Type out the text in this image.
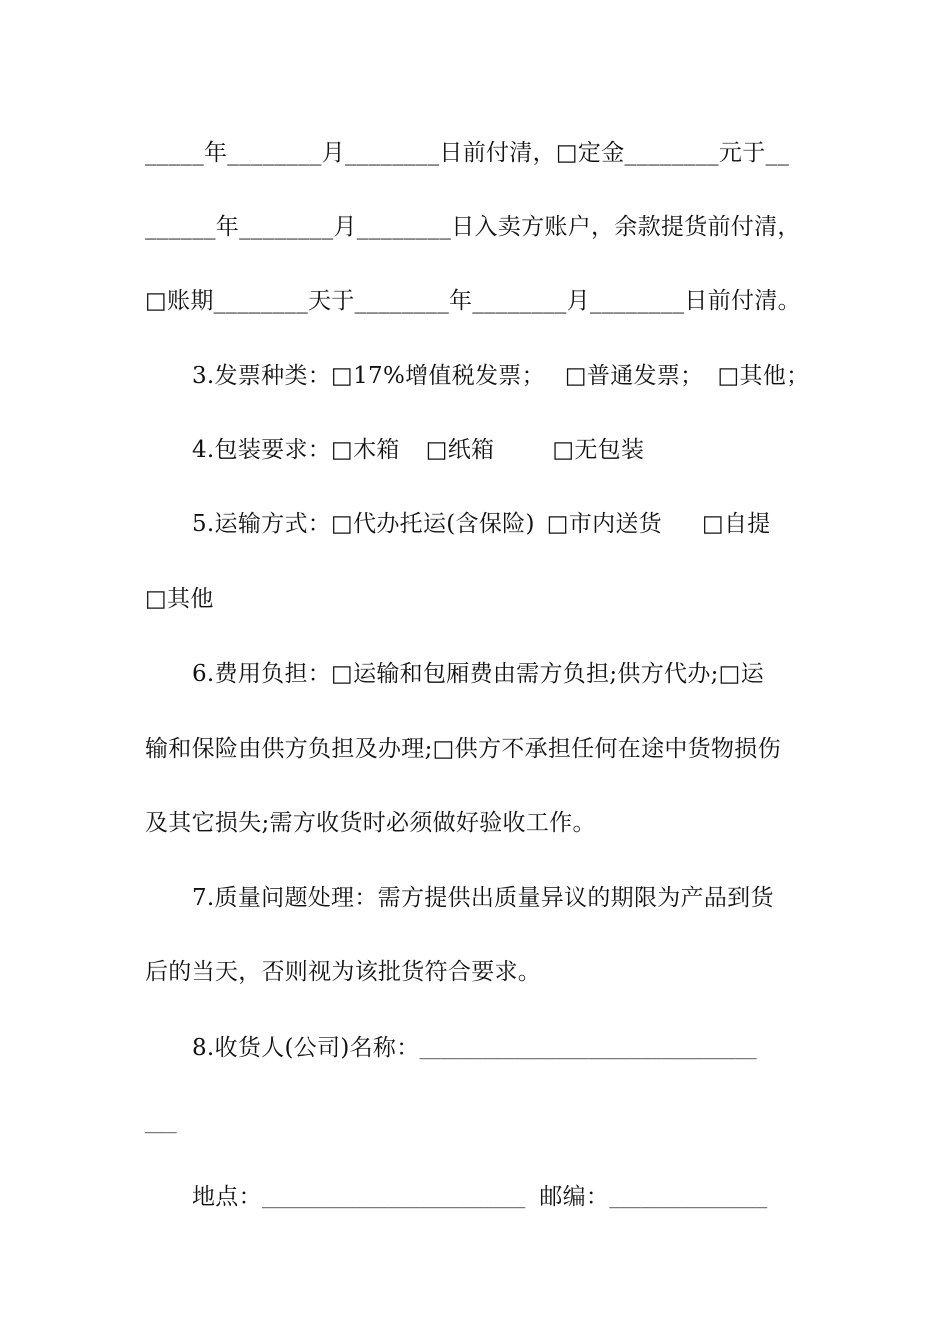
_____年________月________日前付清，□定金________元于__
______年________月________日入卖方账户，余款提货前付清，
□账期________天于________年________月________日前付清。
3.发票种类：□17%增值税发票； □普通发票； □其他；
4.包装要求：□木箱 □纸箱	□无包装
5.运输方式：□代办托运(含保险) □市内送货 □自提
□其他
6.费用负担：□运输和包厢费由需方负担;供方代办;□运
输和保险由供方负担及办理;□供方不承担任何在途中货物损伤
及其它损失;需方收货时必须做好验收工作。
7.质量问题处理：需方提供出质量异议的期限为产品到货
后的当天，否则视为该批货符合要求。
8.收货人(公司)名称：________________________________
___
地点：_________________________ 邮编：_______________
